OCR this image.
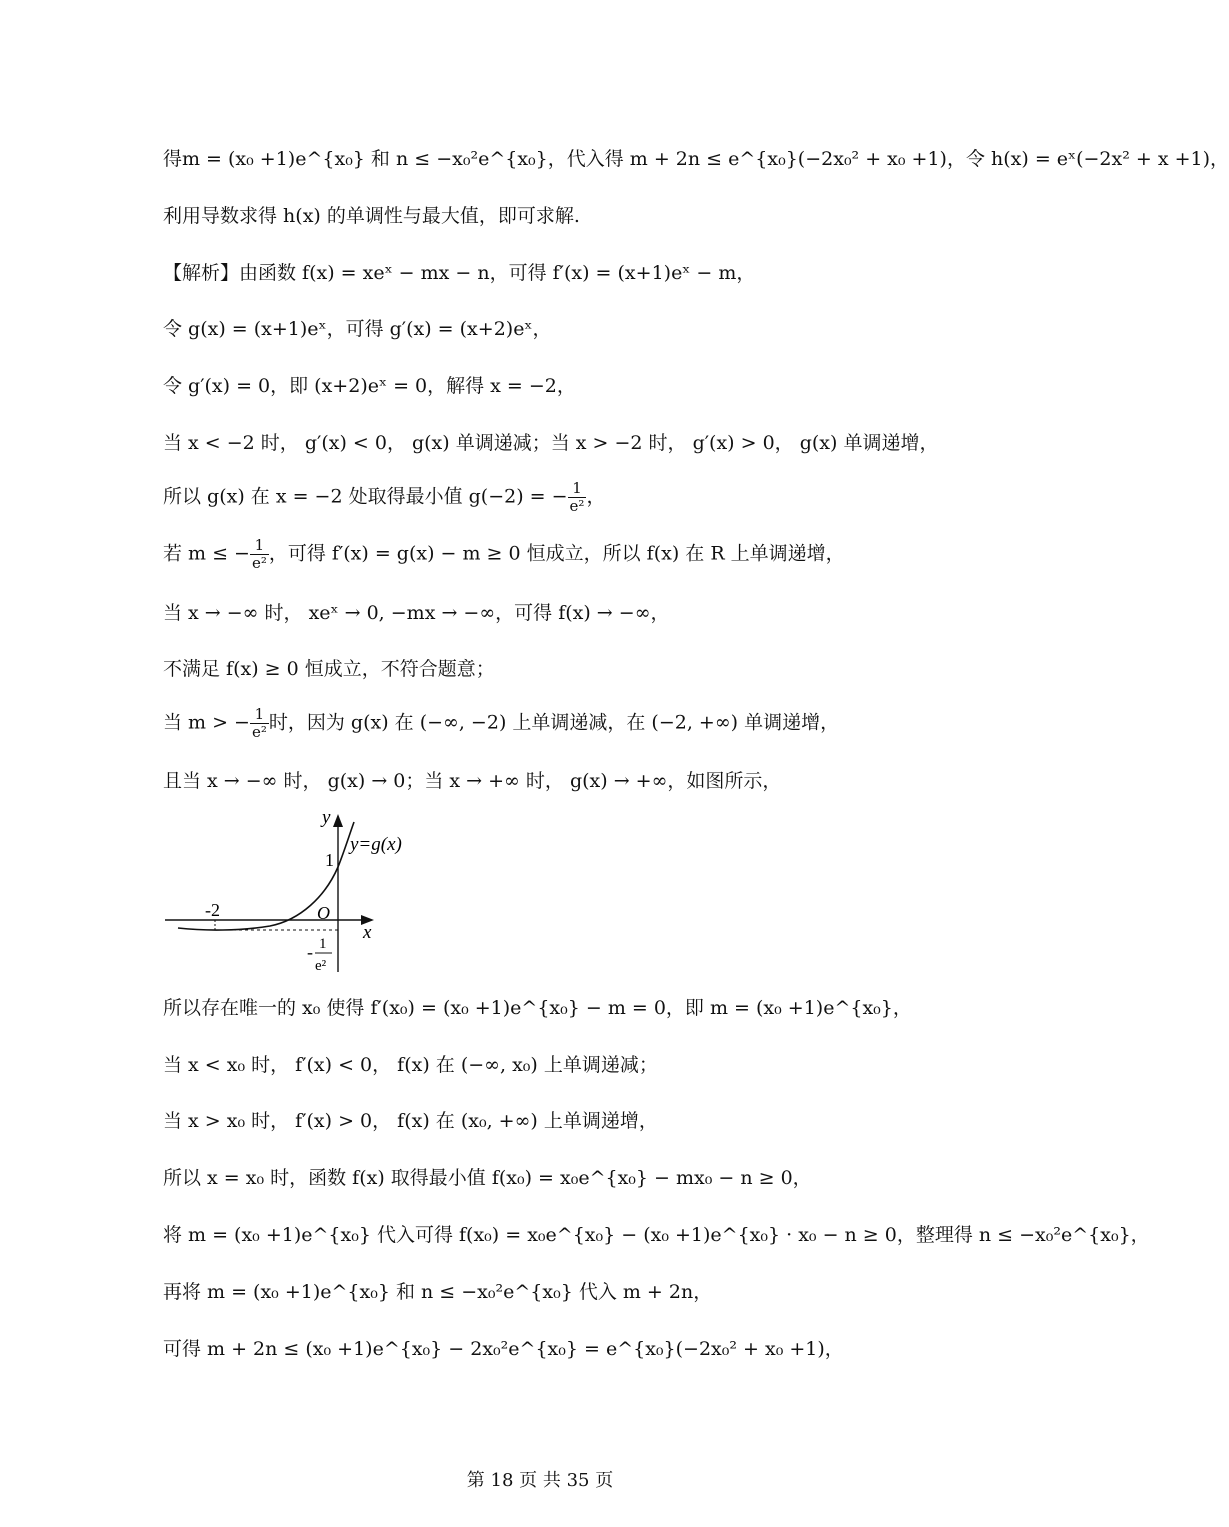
得m = (x₀ +1)e^{x₀} 和 n ≤ −x₀²e^{x₀}，代入得 m + 2n ≤ e^{x₀}(−2x₀² + x₀ +1)，令 h(x) = eˣ(−2x² + x +1)，
利用导数求得 h(x) 的单调性与最大值，即可求解.
【解析】由函数 f(x) = xeˣ − mx − n，可得 f′(x) = (x+1)eˣ − m，
令 g(x) = (x+1)eˣ，可得 g′(x) = (x+2)eˣ，
令 g′(x) = 0，即 (x+2)eˣ = 0，解得 x = −2，
当 x < −2 时， g′(x) < 0， g(x) 单调递减；当 x > −2 时， g′(x) > 0， g(x) 单调递增，
所以 g(x) 在 x = −2 处取得最小值 g(−2) = − $\frac{1}{\text{e²}}$ ，
若 m ≤ − $\frac{1}{\text{e²}}$ ，可得 f′(x) = g(x) − m ≥ 0 恒成立，所以 f(x) 在 R 上单调递增，
当 x → −∞ 时， xeˣ → 0, −mx → −∞，可得 f(x) → −∞，
不满足 f(x) ≥ 0 恒成立，不符合题意；
当 m > − $\frac{1}{\text{e²}}$ 时，因为 g(x) 在 (−∞, −2) 上单调递减，在 (−2, +∞) 单调递增，
且当 x → −∞ 时， g(x) → 0；当 x → +∞ 时， g(x) → +∞，如图所示，
y
x
O
y=g(x)
1
-2
- 1
e²
所以存在唯一的 x₀ 使得 f′(x₀) = (x₀ +1)e^{x₀} − m = 0，即 m = (x₀ +1)e^{x₀}，
当 x < x₀ 时， f′(x) < 0， f(x) 在 (−∞, x₀) 上单调递减；
当 x > x₀ 时， f′(x) > 0， f(x) 在 (x₀, +∞) 上单调递增，
所以 x = x₀ 时，函数 f(x) 取得最小值 f(x₀) = x₀e^{x₀} − mx₀ − n ≥ 0，
将 m = (x₀ +1)e^{x₀} 代入可得 f(x₀) = x₀e^{x₀} − (x₀ +1)e^{x₀} · x₀ − n ≥ 0，整理得 n ≤ −x₀²e^{x₀}，
再将 m = (x₀ +1)e^{x₀} 和 n ≤ −x₀²e^{x₀} 代入 m + 2n，
可得 m + 2n ≤ (x₀ +1)e^{x₀} − 2x₀²e^{x₀} = e^{x₀}(−2x₀² + x₀ +1)，
第 18 页 共 35 页
